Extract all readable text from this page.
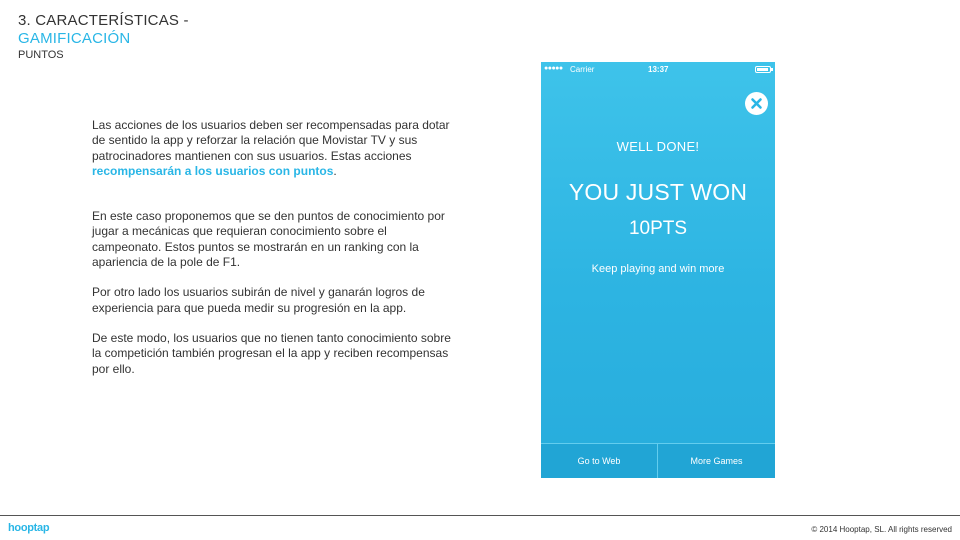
3. CARACTERÍSTICAS -
GAMIFICACIÓN
PUNTOS

Las acciones de los usuarios deben ser recompensadas para dotar de sentido la app y reforzar la relación que Movistar TV y sus patrocinadores mantienen con sus usuarios. Estas acciones recompensarán a los usuarios con puntos.

En este caso proponemos que se den puntos de conocimiento por jugar a mecánicas que requieran conocimiento sobre el campeonato. Estos puntos se mostrarán en un ranking con la apariencia de la pole de F1.

Por otro lado los usuarios subirán de nivel y ganarán logros de experiencia para que pueda medir su progresión en la app.

De este modo, los usuarios que no tienen tanto conocimiento sobre la competición también progresan el la app y reciben recompensas por ello.

●●●●● Carrier	13:37
WELL DONE!
YOU JUST WON
10PTS
Keep playing and win more
Go to Web	More Games
hooptap	© 2014 Hooptap, SL. All rights reserved
